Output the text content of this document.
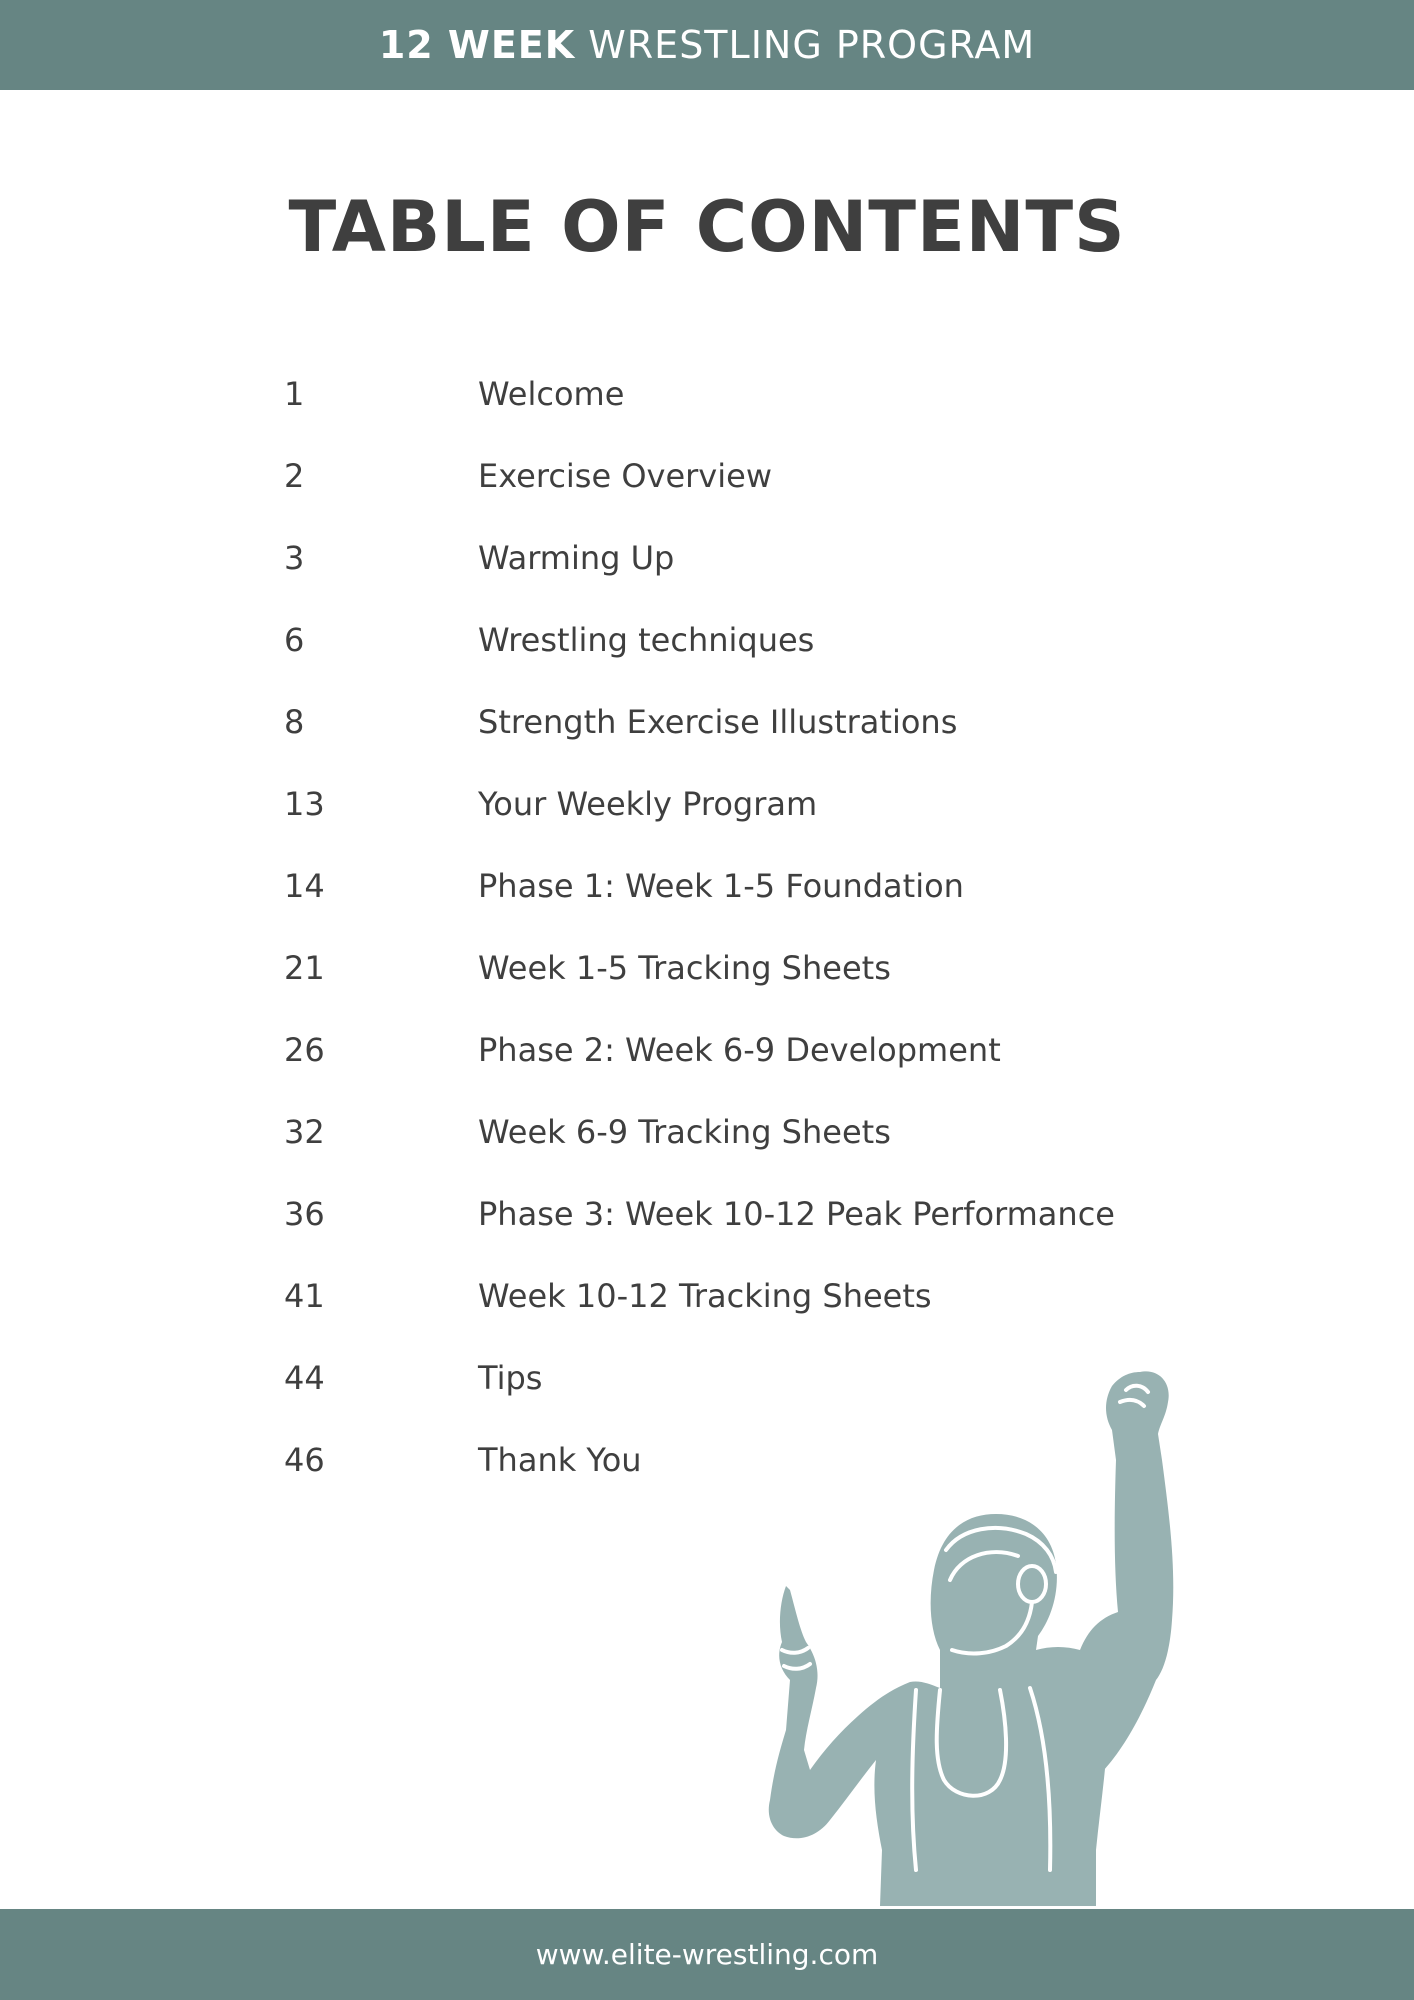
12 WEEK WRESTLING PROGRAM
TABLE OF CONTENTS
1	Welcome
2	Exercise Overview
3	Warming Up
6	Wrestling techniques
8	Strength Exercise Illustrations
13	Your Weekly Program
14	Phase 1: Week 1-5 Foundation
21	Week 1-5 Tracking Sheets
26	Phase 2: Week 6-9 Development
32	Week 6-9 Tracking Sheets
36	Phase 3: Week 10-12 Peak Performance
41	Week 10-12 Tracking Sheets
44	Tips
46	Thank You
www.elite-wrestling.com
